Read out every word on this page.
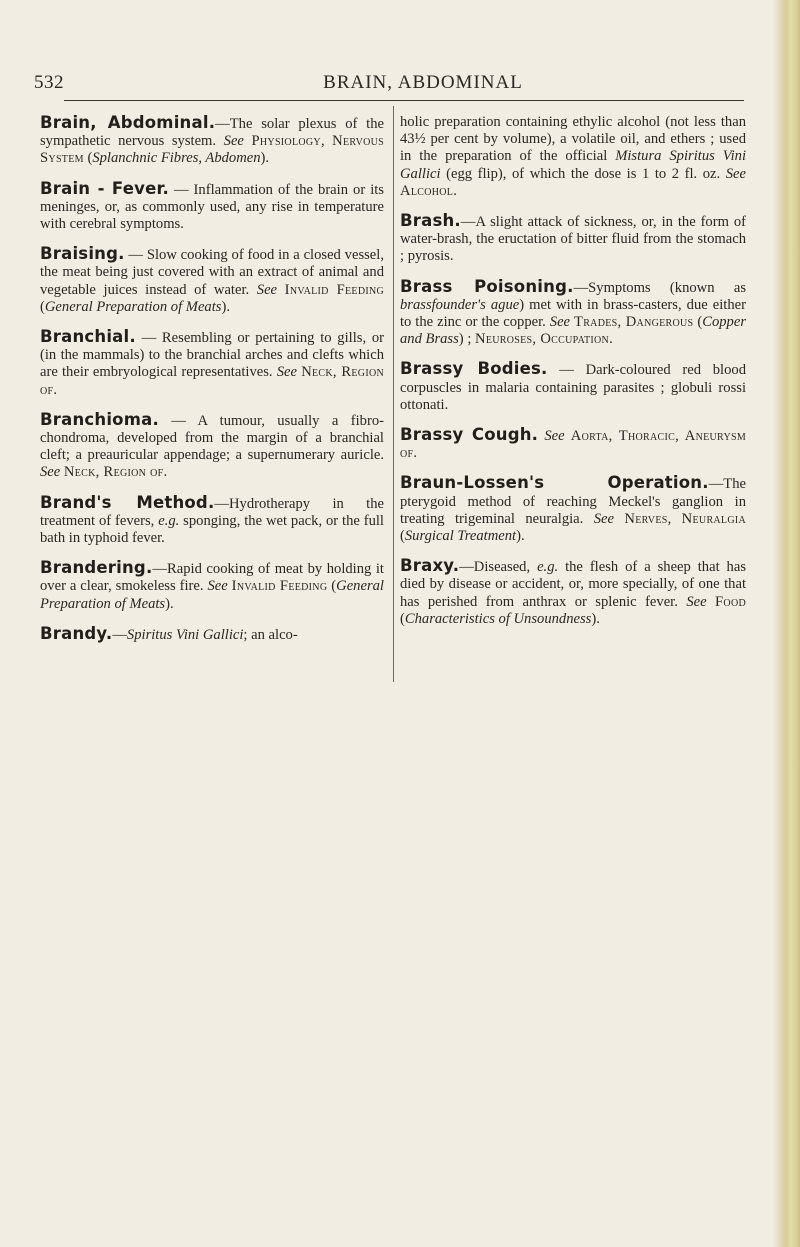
532	BRAIN, ABDOMINAL

Brain, Abdominal.—The solar plexus of the sympathetic nervous system. See Physiology, Nervous System (Splanchnic Fibres, Abdomen).

Brain - Fever. — Inflammation of the brain or its meninges, or, as commonly used, any rise in temperature with cerebral symptoms.

Braising. — Slow cooking of food in a closed vessel, the meat being just covered with an extract of animal and vegetable juices instead of water. See Invalid Feeding (General Preparation of Meats).

Branchial. — Resembling or pertaining to gills, or (in the mammals) to the branchial arches and clefts which are their embryological representatives. See Neck, Region of.

Branchioma. — A tumour, usually a fibro-chondroma, developed from the margin of a branchial cleft; a preauricular appendage; a supernumerary auricle. See Neck, Region of.

Brand's Method.—Hydrotherapy in the treatment of fevers, e.g. sponging, the wet pack, or the full bath in typhoid fever.

Brandering.—Rapid cooking of meat by holding it over a clear, smokeless fire. See Invalid Feeding (General Preparation of Meats).

Brandy.—Spiritus Vini Gallici; an alco-

holic preparation containing ethylic alcohol (not less than 43½ per cent by volume), a volatile oil, and ethers ; used in the preparation of the official Mistura Spiritus Vini Gallici (egg flip), of which the dose is 1 to 2 fl. oz. See Alcohol.

Brash.—A slight attack of sickness, or, in the form of water-brash, the eructation of bitter fluid from the stomach ; pyrosis.

Brass Poisoning.—Symptoms (known as brassfounder's ague) met with in brass-casters, due either to the zinc or the copper. See Trades, Dangerous (Copper and Brass) ; Neuroses, Occupation.

Brassy Bodies. — Dark-coloured red blood corpuscles in malaria containing parasites ; globuli rossi ottonati.

Brassy Cough. See Aorta, Thoracic, Aneurysm of.

Braun-Lossen's Operation.—The pterygoid method of reaching Meckel's ganglion in treating trigeminal neuralgia. See Nerves, Neuralgia (Surgical Treatment).

Braxy.—Diseased, e.g. the flesh of a sheep that has died by disease or accident, or, more specially, of one that has perished from anthrax or splenic fever. See Food (Characteristics of Unsoundness).
